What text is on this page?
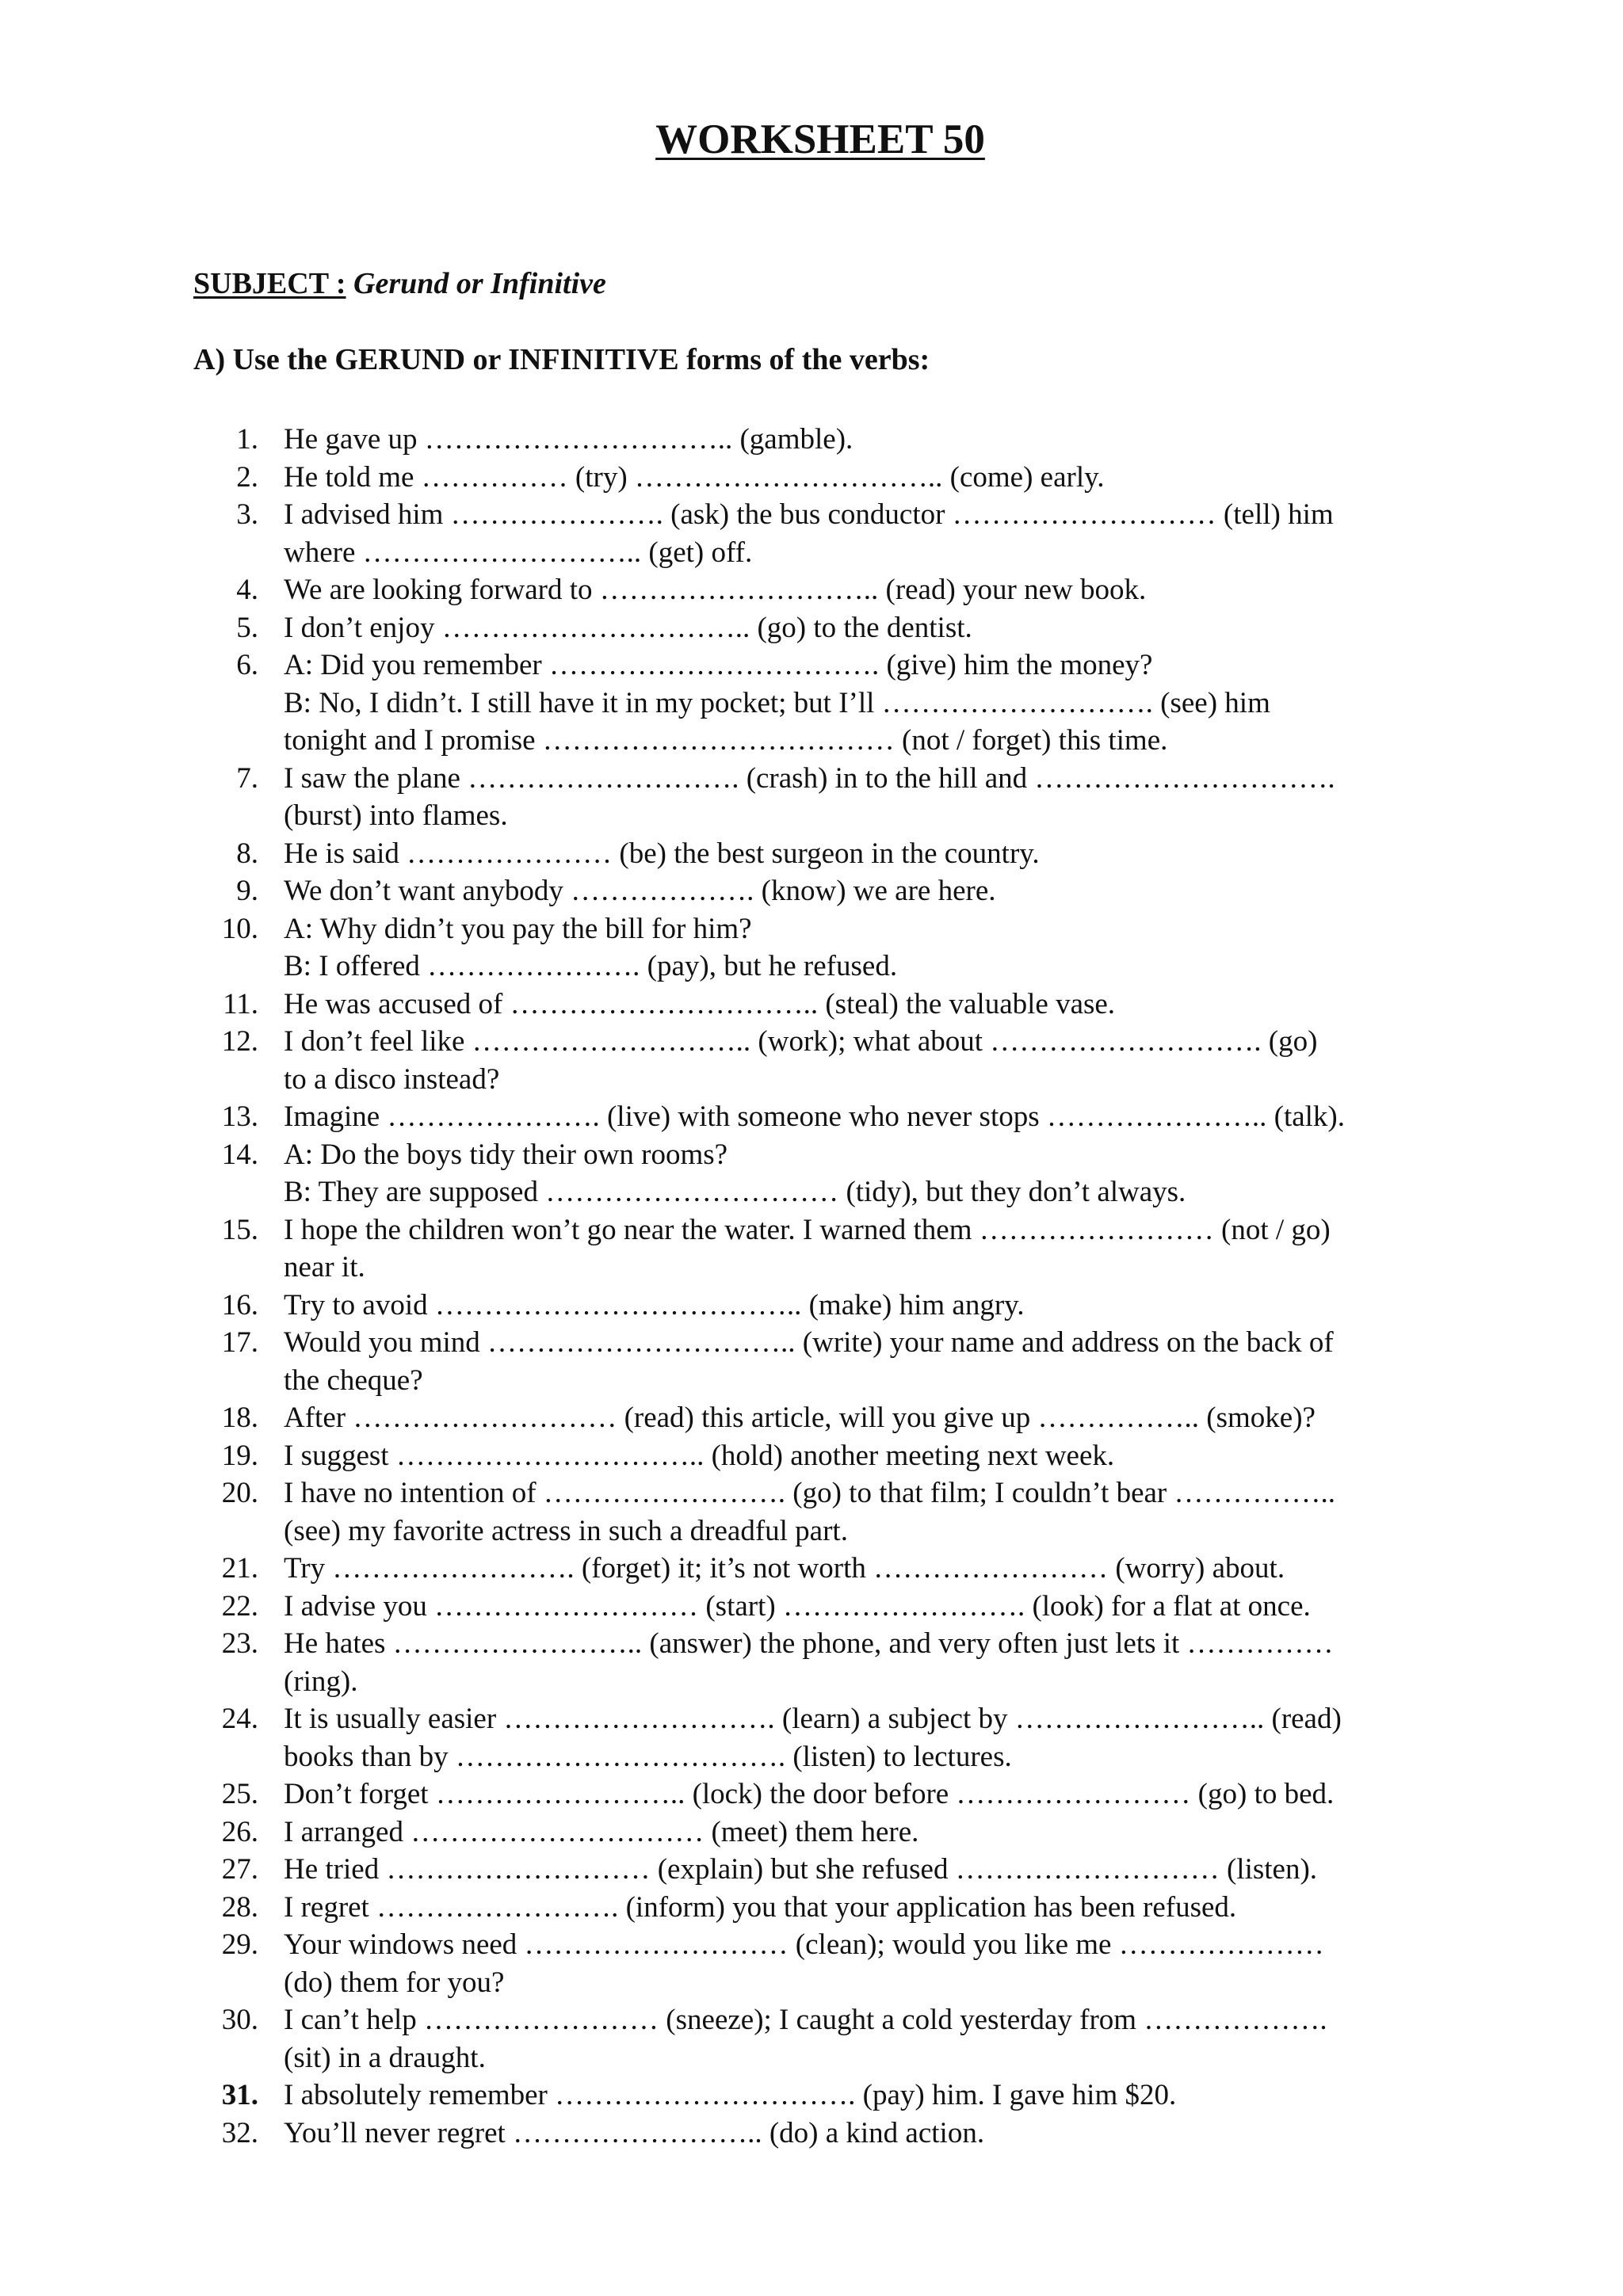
WORKSHEET 50

SUBJECT : Gerund or Infinitive

A) Use the GERUND or INFINITIVE forms of the verbs:

1. He gave up ………………………….. (gamble).
2. He told me …………… (try) ………………………….. (come) early.
3. I advised him …………………. (ask) the bus conductor ……………………… (tell) him
where ……………………….. (get) off.
4. We are looking forward to ……………………….. (read) your new book.
5. I don’t enjoy ………………………….. (go) to the dentist.
6. A: Did you remember ……………………………. (give) him the money?
B: No, I didn’t. I still have it in my pocket; but I’ll ………………………. (see) him
tonight and I promise ……………………………… (not / forget) this time.
7. I saw the plane ………………………. (crash) in to the hill and ………………………….
(burst) into flames.
8. He is said ………………… (be) the best surgeon in the country.
9. We don’t want anybody ………………. (know) we are here.
10. A: Why didn’t you pay the bill for him?
B: I offered …………………. (pay), but he refused.
11. He was accused of ………………………….. (steal) the valuable vase.
12. I don’t feel like ……………………….. (work); what about ………………………. (go)
to a disco instead?
13. Imagine …………………. (live) with someone who never stops ………………….. (talk).
14. A: Do the boys tidy their own rooms?
B: They are supposed ………………………… (tidy), but they don’t always.
15. I hope the children won’t go near the water. I warned them …………………… (not / go)
near it.
16. Try to avoid ……………………………….. (make) him angry.
17. Would you mind ………………………….. (write) your name and address on the back of
the cheque?
18. After ……………………… (read) this article, will you give up …………….. (smoke)?
19. I suggest ………………………….. (hold) another meeting next week.
20. I have no intention of ……………………. (go) to that film; I couldn’t bear ……………..
(see) my favorite actress in such a dreadful part.
21. Try ……………………. (forget) it; it’s not worth …………………… (worry) about.
22. I advise you ……………………… (start) ……………………. (look) for a flat at once.
23. He hates …………………….. (answer) the phone, and very often just lets it ……………
(ring).
24. It is usually easier ………………………. (learn) a subject by …………………….. (read)
books than by ……………………………. (listen) to lectures.
25. Don’t forget …………………….. (lock) the door before …………………… (go) to bed.
26. I arranged ………………………… (meet) them here.
27. He tried ……………………… (explain) but she refused ……………………… (listen).
28. I regret ……………………. (inform) you that your application has been refused.
29. Your windows need ……………………… (clean); would you like me …………………
(do) them for you?
30. I can’t help …………………… (sneeze); I caught a cold yesterday from ……………….
(sit) in a draught.
31. I absolutely remember …………………………. (pay) him. I gave him $20.
32. You’ll never regret …………………….. (do) a kind action.
